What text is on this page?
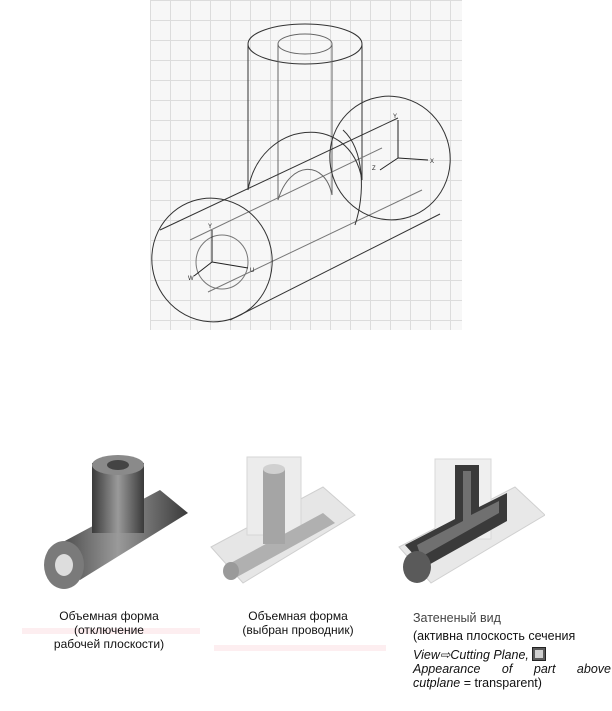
Y
X
Z
Y
U
W
Объемная форма
(отключение
рабочей плоскости)
Объемная форма
(выбран проводник)
Затененый вид
(активна плоскость сечения
View⇨Cutting Plane,
Appearance of part above
cutplane = transparent)
